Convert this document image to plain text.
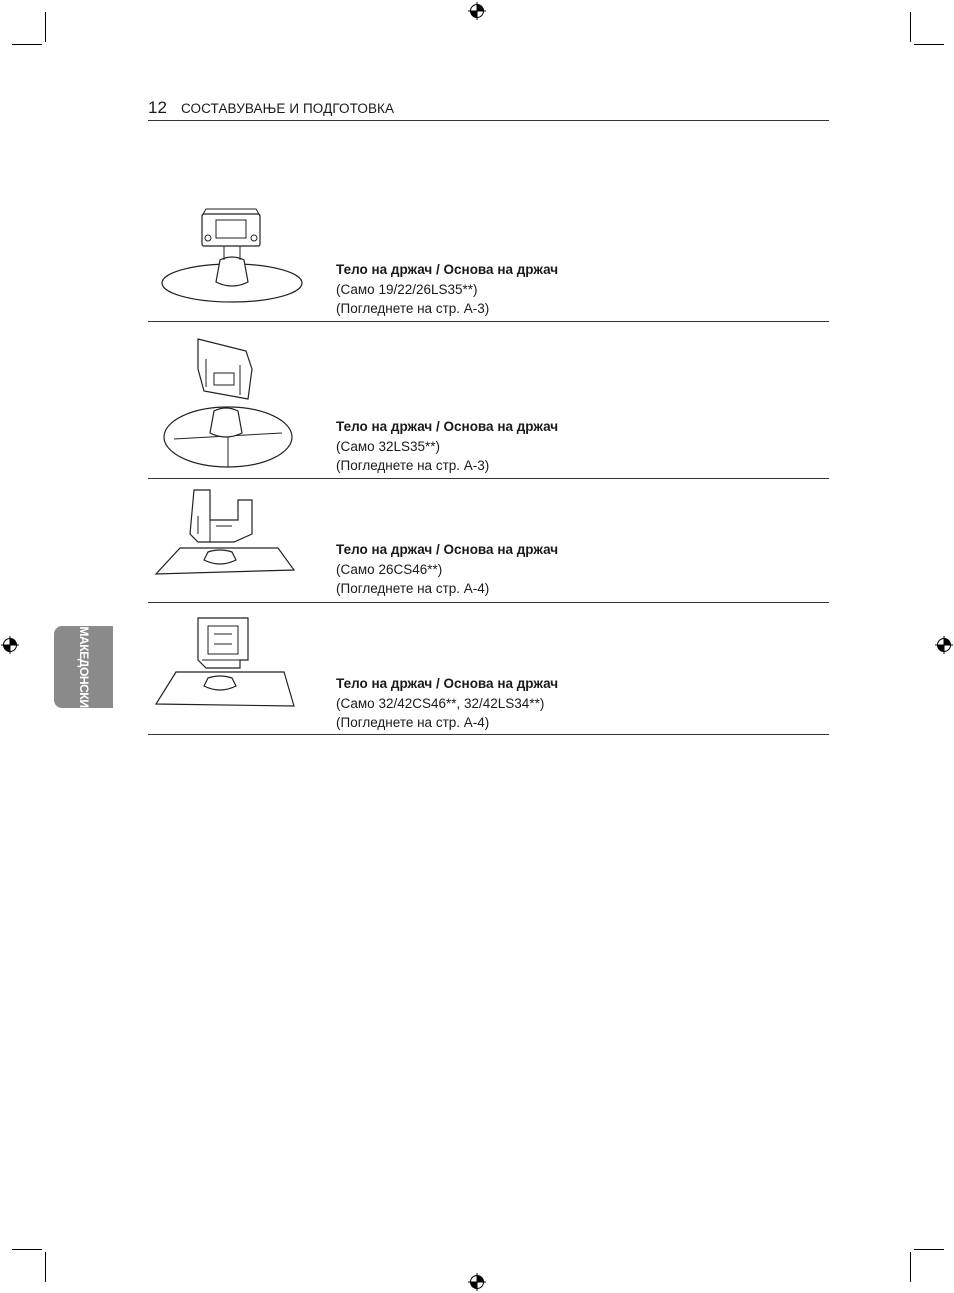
12 СОСТАВУВАЊЕ И ПОДГОТОВКА
МАКЕДОНСКИ
Тело на држач / Основа на држач
(Само 19/22/26LS35**)
(Погледнете на стр. A-3)
Тело на држач / Основа на држач
(Само 32LS35**)
(Погледнете на стр. A-3)
Тело на држач / Основа на држач
(Само 26CS46**)
(Погледнете на стр. A-4)
Тело на држач / Основа на држач
(Само 32/42CS46**, 32/42LS34**)
(Погледнете на стр. A-4)
